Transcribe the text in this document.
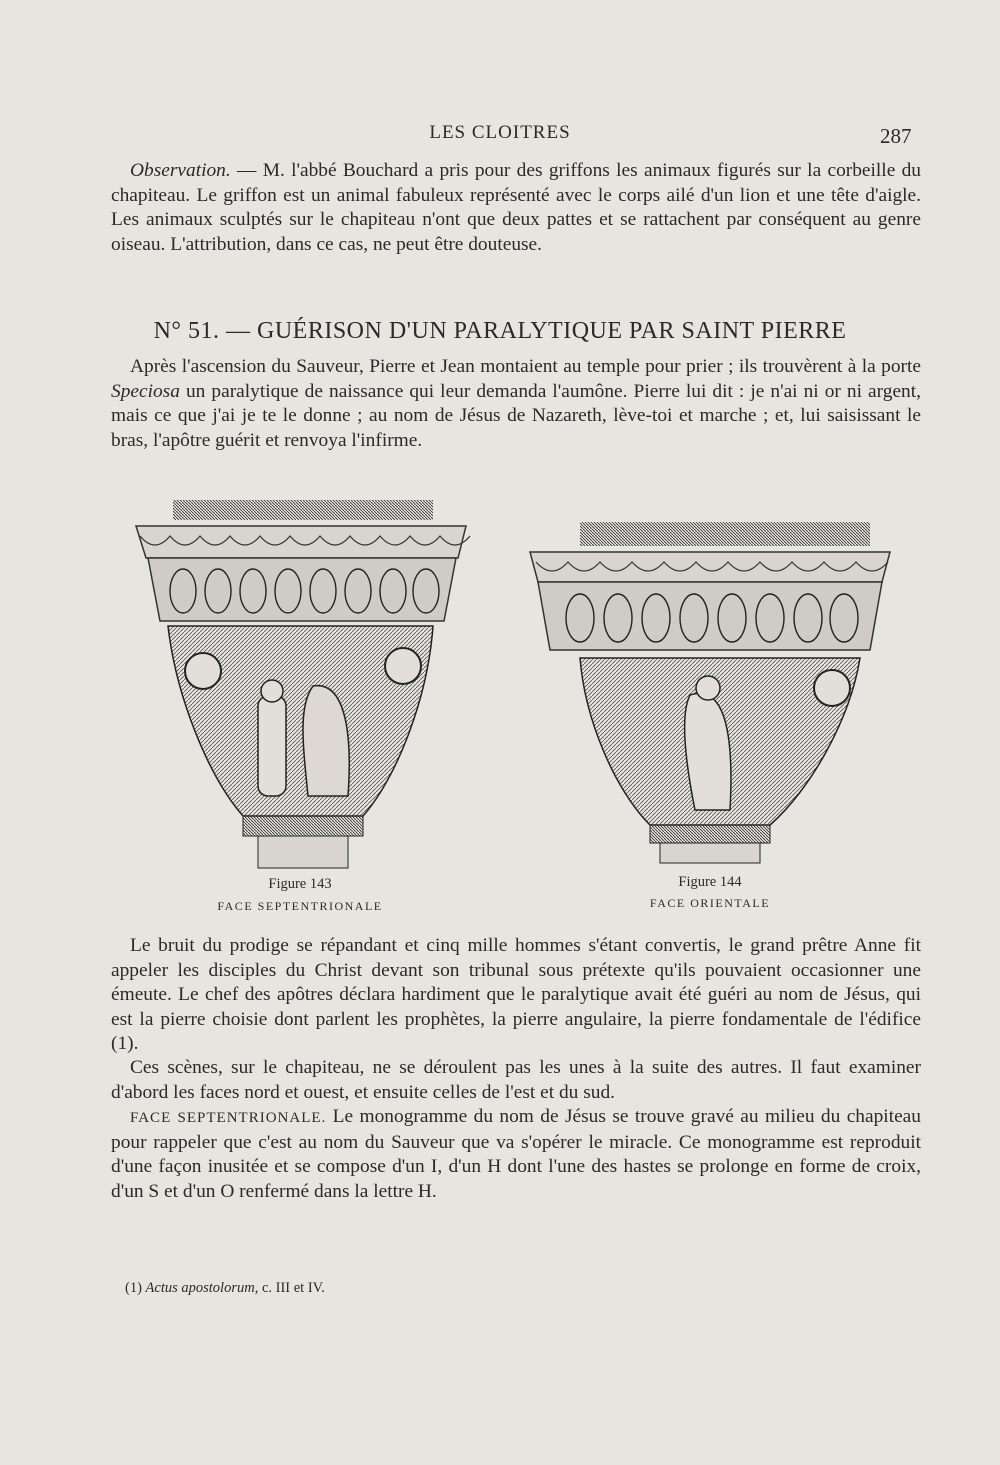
LES CLOITRES	287

Observation. — M. l'abbé Bouchard a pris pour des griffons les animaux figurés sur la corbeille du chapiteau. Le griffon est un animal fabuleux représenté avec le corps ailé d'un lion et une tête d'aigle. Les animaux sculptés sur le chapiteau n'ont que deux pattes et se rattachent par conséquent au genre oiseau. L'attribution, dans ce cas, ne peut être douteuse.

N° 51. — GUÉRISON D'UN PARALYTIQUE PAR SAINT PIERRE

Après l'ascension du Sauveur, Pierre et Jean montaient au temple pour prier ; ils trouvèrent à la porte Speciosa un paralytique de naissance qui leur demanda l'aumône. Pierre lui dit : je n'ai ni or ni argent, mais ce que j'ai je te le donne ; au nom de Jésus de Nazareth, lève-toi et marche ; et, lui saisissant le bras, l'apôtre guérit et renvoya l'infirme.

Figure 143
FACE SEPTENTRIONALE
Figure 144
FACE ORIENTALE

Le bruit du prodige se répandant et cinq mille hommes s'étant convertis, le grand prêtre Anne fit appeler les disciples du Christ devant son tribunal sous prétexte qu'ils pouvaient occasionner une émeute. Le chef des apôtres déclara hardiment que le paralytique avait été guéri au nom de Jésus, qui est la pierre choisie dont parlent les prophètes, la pierre angulaire, la pierre fondamentale de l'édifice (1).

Ces scènes, sur le chapiteau, ne se déroulent pas les unes à la suite des autres. Il faut examiner d'abord les faces nord et ouest, et ensuite celles de l'est et du sud.

FACE SEPTENTRIONALE. Le monogramme du nom de Jésus se trouve gravé au milieu du chapiteau pour rappeler que c'est au nom du Sauveur que va s'opérer le miracle. Ce monogramme est reproduit d'une façon inusitée et se compose d'un I, d'un H dont l'une des hastes se prolonge en forme de croix, d'un S et d'un O renfermé dans la lettre H.

(1) Actus apostolorum, c. III et IV.
